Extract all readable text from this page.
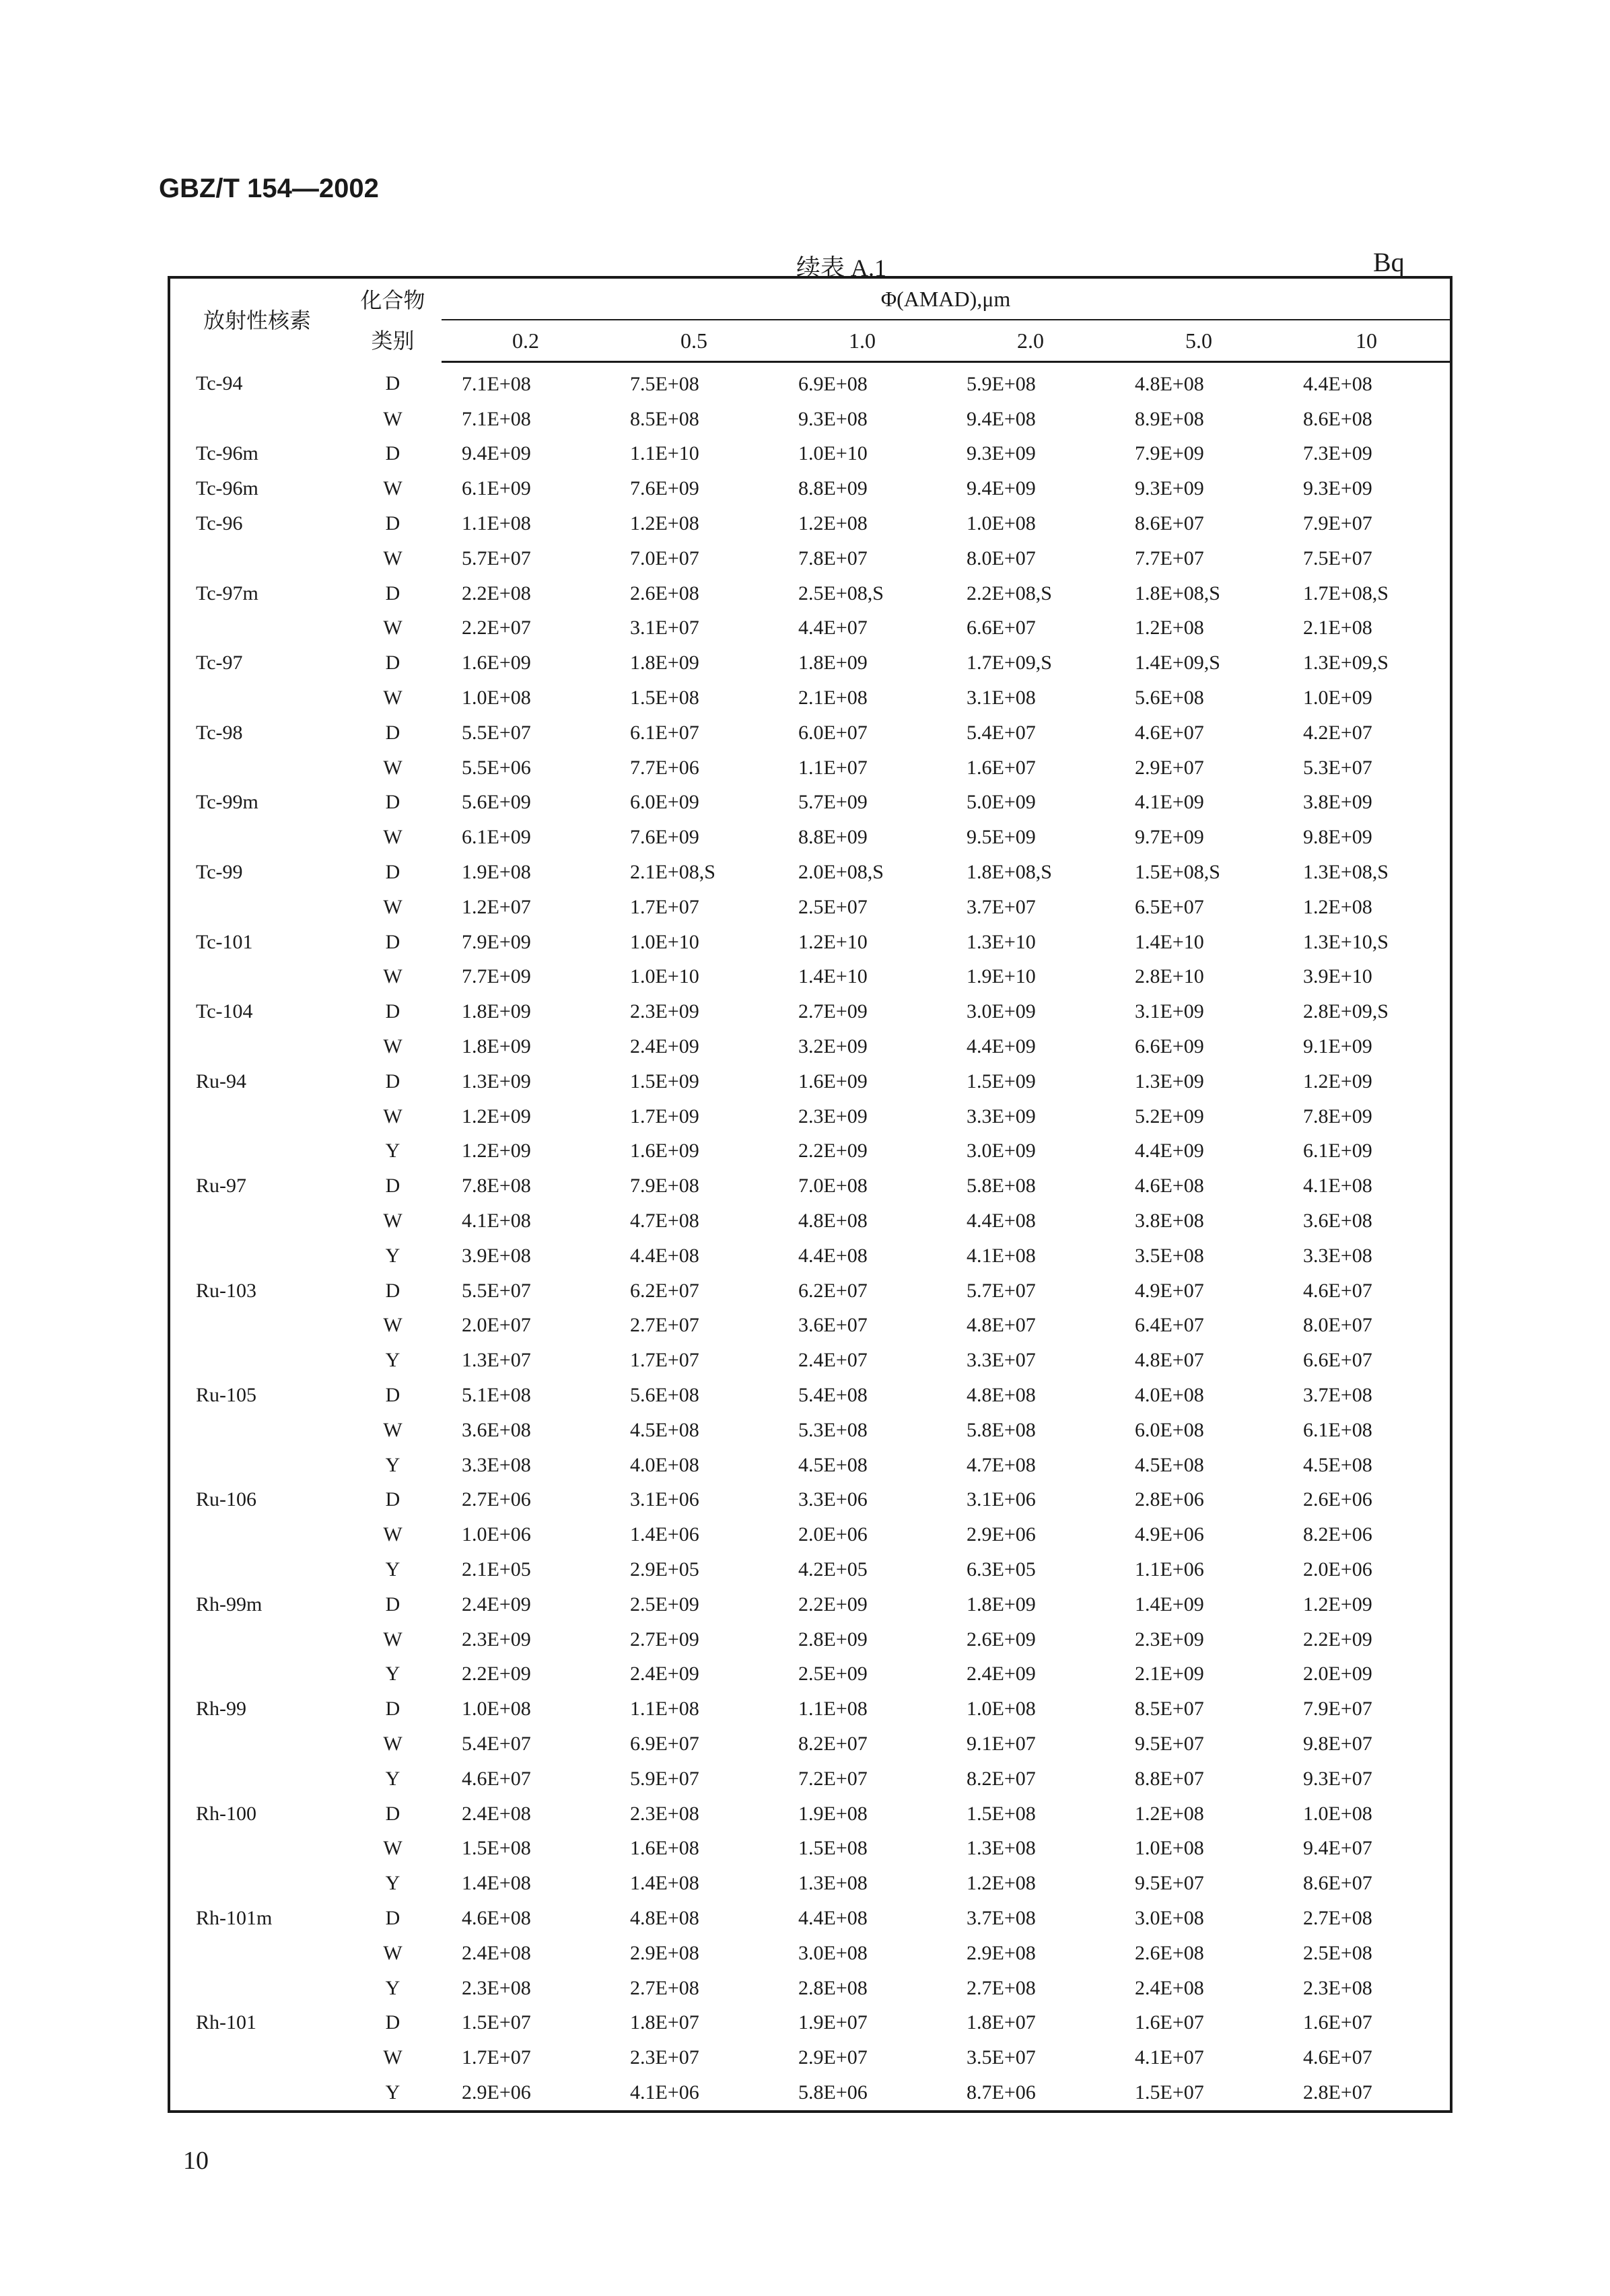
GBZ/T 154—2002
续表 A.1	Bq
放射性核素	化合物类别	Φ(AMAD),μm					
		0.2	0.5	1.0	2.0	5.0	10
Tc-94	D	7.1E+08	7.5E+08	6.9E+08	5.9E+08	4.8E+08	4.4E+08
	W	7.1E+08	8.5E+08	9.3E+08	9.4E+08	8.9E+08	8.6E+08
Tc-96m	D	9.4E+09	1.1E+10	1.0E+10	9.3E+09	7.9E+09	7.3E+09
Tc-96m	W	6.1E+09	7.6E+09	8.8E+09	9.4E+09	9.3E+09	9.3E+09
Tc-96	D	1.1E+08	1.2E+08	1.2E+08	1.0E+08	8.6E+07	7.9E+07
	W	5.7E+07	7.0E+07	7.8E+07	8.0E+07	7.7E+07	7.5E+07
Tc-97m	D	2.2E+08	2.6E+08	2.5E+08,S	2.2E+08,S	1.8E+08,S	1.7E+08,S
	W	2.2E+07	3.1E+07	4.4E+07	6.6E+07	1.2E+08	2.1E+08
Tc-97	D	1.6E+09	1.8E+09	1.8E+09	1.7E+09,S	1.4E+09,S	1.3E+09,S
	W	1.0E+08	1.5E+08	2.1E+08	3.1E+08	5.6E+08	1.0E+09
Tc-98	D	5.5E+07	6.1E+07	6.0E+07	5.4E+07	4.6E+07	4.2E+07
	W	5.5E+06	7.7E+06	1.1E+07	1.6E+07	2.9E+07	5.3E+07
Tc-99m	D	5.6E+09	6.0E+09	5.7E+09	5.0E+09	4.1E+09	3.8E+09
	W	6.1E+09	7.6E+09	8.8E+09	9.5E+09	9.7E+09	9.8E+09
Tc-99	D	1.9E+08	2.1E+08,S	2.0E+08,S	1.8E+08,S	1.5E+08,S	1.3E+08,S
	W	1.2E+07	1.7E+07	2.5E+07	3.7E+07	6.5E+07	1.2E+08
Tc-101	D	7.9E+09	1.0E+10	1.2E+10	1.3E+10	1.4E+10	1.3E+10,S
	W	7.7E+09	1.0E+10	1.4E+10	1.9E+10	2.8E+10	3.9E+10
Tc-104	D	1.8E+09	2.3E+09	2.7E+09	3.0E+09	3.1E+09	2.8E+09,S
	W	1.8E+09	2.4E+09	3.2E+09	4.4E+09	6.6E+09	9.1E+09
Ru-94	D	1.3E+09	1.5E+09	1.6E+09	1.5E+09	1.3E+09	1.2E+09
	W	1.2E+09	1.7E+09	2.3E+09	3.3E+09	5.2E+09	7.8E+09
	Y	1.2E+09	1.6E+09	2.2E+09	3.0E+09	4.4E+09	6.1E+09
Ru-97	D	7.8E+08	7.9E+08	7.0E+08	5.8E+08	4.6E+08	4.1E+08
	W	4.1E+08	4.7E+08	4.8E+08	4.4E+08	3.8E+08	3.6E+08
	Y	3.9E+08	4.4E+08	4.4E+08	4.1E+08	3.5E+08	3.3E+08
Ru-103	D	5.5E+07	6.2E+07	6.2E+07	5.7E+07	4.9E+07	4.6E+07
	W	2.0E+07	2.7E+07	3.6E+07	4.8E+07	6.4E+07	8.0E+07
	Y	1.3E+07	1.7E+07	2.4E+07	3.3E+07	4.8E+07	6.6E+07
Ru-105	D	5.1E+08	5.6E+08	5.4E+08	4.8E+08	4.0E+08	3.7E+08
	W	3.6E+08	4.5E+08	5.3E+08	5.8E+08	6.0E+08	6.1E+08
	Y	3.3E+08	4.0E+08	4.5E+08	4.7E+08	4.5E+08	4.5E+08
Ru-106	D	2.7E+06	3.1E+06	3.3E+06	3.1E+06	2.8E+06	2.6E+06
	W	1.0E+06	1.4E+06	2.0E+06	2.9E+06	4.9E+06	8.2E+06
	Y	2.1E+05	2.9E+05	4.2E+05	6.3E+05	1.1E+06	2.0E+06
Rh-99m	D	2.4E+09	2.5E+09	2.2E+09	1.8E+09	1.4E+09	1.2E+09
	W	2.3E+09	2.7E+09	2.8E+09	2.6E+09	2.3E+09	2.2E+09
	Y	2.2E+09	2.4E+09	2.5E+09	2.4E+09	2.1E+09	2.0E+09
Rh-99	D	1.0E+08	1.1E+08	1.1E+08	1.0E+08	8.5E+07	7.9E+07
	W	5.4E+07	6.9E+07	8.2E+07	9.1E+07	9.5E+07	9.8E+07
	Y	4.6E+07	5.9E+07	7.2E+07	8.2E+07	8.8E+07	9.3E+07
Rh-100	D	2.4E+08	2.3E+08	1.9E+08	1.5E+08	1.2E+08	1.0E+08
	W	1.5E+08	1.6E+08	1.5E+08	1.3E+08	1.0E+08	9.4E+07
	Y	1.4E+08	1.4E+08	1.3E+08	1.2E+08	9.5E+07	8.6E+07
Rh-101m	D	4.6E+08	4.8E+08	4.4E+08	3.7E+08	3.0E+08	2.7E+08
	W	2.4E+08	2.9E+08	3.0E+08	2.9E+08	2.6E+08	2.5E+08
	Y	2.3E+08	2.7E+08	2.8E+08	2.7E+08	2.4E+08	2.3E+08
Rh-101	D	1.5E+07	1.8E+07	1.9E+07	1.8E+07	1.6E+07	1.6E+07
	W	1.7E+07	2.3E+07	2.9E+07	3.5E+07	4.1E+07	4.6E+07
	Y	2.9E+06	4.1E+06	5.8E+06	8.7E+06	1.5E+07	2.8E+07
10
